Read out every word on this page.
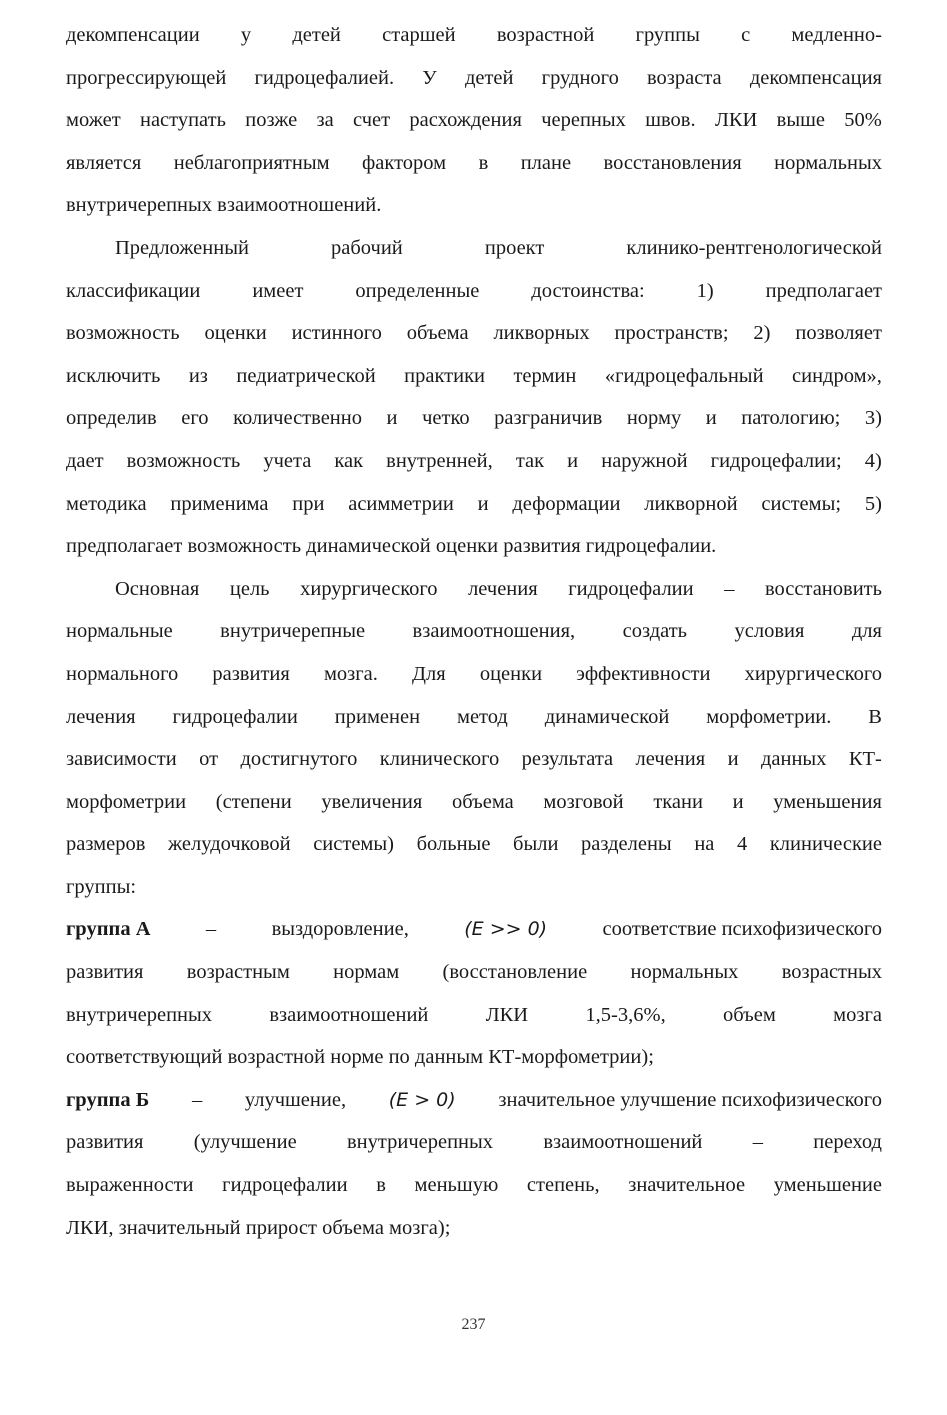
декомпенсации у детей старшей возрастной группы с медленно-
прогрессирующей гидроцефалией. У детей грудного возраста декомпенсация
может наступать позже за счет расхождения черепных швов. ЛКИ выше 50%
является неблагоприятным фактором в плане восстановления нормальных
внутричерепных взаимоотношений.
Предложенный	рабочий	проект	клинико-рентгенологической
классификации	имеет	определенные	достоинства:	1)	предполагает
возможность оценки истинного объема ликворных пространств; 2) позволяет
исключить из педиатрической практики термин «гидроцефальный синдром»,
определив его количественно и четко разграничив норму и патологию; 3)
дает возможность учета как внутренней, так и наружной гидроцефалии; 4)
методика применима при асимметрии и деформации ликворной системы; 5)
предполагает возможность динамической оценки развития гидроцефалии.
Основная цель хирургического лечения гидроцефалии – восстановить
нормальные внутричерепные взаимоотношения, создать условия для
нормального развития мозга. Для оценки эффективности хирургического
лечения гидроцефалии применен метод динамической морфометрии. В
зависимости от достигнутого клинического результата лечения и данных КТ-
морфометрии (степени увеличения объема мозговой ткани и уменьшения
размеров желудочковой системы) больные были разделены на 4 клинические
группы:
группа А	–	выздоровление,	(E >> 0)	соответствие психофизического
развития возрастным нормам (восстановление нормальных возрастных
внутричерепных	взаимоотношений	ЛКИ	1,5-3,6%,	объем	мозга
соответствующий возрастной норме по данным КТ-морфометрии);
группа Б – улучшение, (E > 0) значительное улучшение психофизического
развития (улучшение внутричерепных взаимоотношений – переход
выраженности гидроцефалии в меньшую степень, значительное уменьшение
ЛКИ, значительный прирост объема мозга);
237
